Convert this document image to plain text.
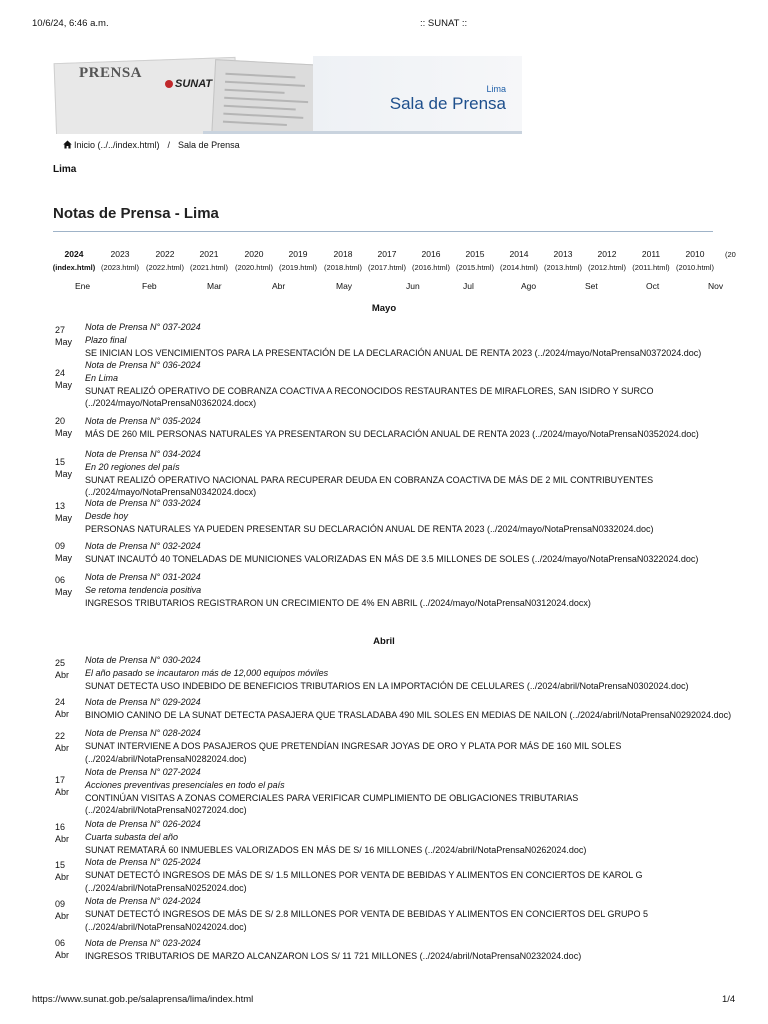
10/6/24, 6:46 a.m.	:: SUNAT ::
PRENSA
SUNAT	Lima
Sala de Prensa
Inicio (../../index.html) / Sala de Prensa
Lima
Notas de Prensa - Lima
2024
(index.html)
2023
(2023.html)
2022
(2022.html)
2021
(2021.html)
2020
(2020.html)
2019
(2019.html)
2018
(2018.html)
2017
(2017.html)
2016
(2016.html)
2015
(2015.html)
2014
(2014.html)
2013
(2013.html)
2012
(2012.html)
2011
(2011.html)
2010
(2010.html)
(20
Ene	Feb	Mar	Abr	May	Jun	Jul	Ago	Set	Oct	Nov
Mayo
27
May
Nota de Prensa N° 037-2024
Plazo final
SE INICIAN LOS VENCIMIENTOS PARA LA PRESENTACIÓN DE LA DECLARACIÓN ANUAL DE RENTA 2023 (../2024/mayo/NotaPrensaN0372024.doc)
24
May
Nota de Prensa N° 036-2024
En Lima
SUNAT REALIZÓ OPERATIVO DE COBRANZA COACTIVA A RECONOCIDOS RESTAURANTES DE MIRAFLORES, SAN ISIDRO Y SURCO
(../2024/mayo/NotaPrensaN0362024.docx)
20
May
Nota de Prensa N° 035-2024
MÁS DE 260 MIL PERSONAS NATURALES YA PRESENTARON SU DECLARACIÓN ANUAL DE RENTA 2023 (../2024/mayo/NotaPrensaN0352024.doc)
15
May
Nota de Prensa N° 034-2024
En 20 regiones del país
SUNAT REALIZÓ OPERATIVO NACIONAL PARA RECUPERAR DEUDA EN COBRANZA COACTIVA DE MÁS DE 2 MIL CONTRIBUYENTES
(../2024/mayo/NotaPrensaN0342024.docx)
13
May
Nota de Prensa N° 033-2024
Desde hoy
PERSONAS NATURALES YA PUEDEN PRESENTAR SU DECLARACIÓN ANUAL DE RENTA 2023 (../2024/mayo/NotaPrensaN0332024.doc)
09
May
Nota de Prensa N° 032-2024
SUNAT INCAUTÓ 40 TONELADAS DE MUNICIONES VALORIZADAS EN MÁS DE 3.5 MILLONES DE SOLES (../2024/mayo/NotaPrensaN0322024.doc)
06
May
Nota de Prensa N° 031-2024
Se retoma tendencia positiva
INGRESOS TRIBUTARIOS REGISTRARON UN CRECIMIENTO DE 4% EN ABRIL (../2024/mayo/NotaPrensaN0312024.docx)
Abril
25
Abr
Nota de Prensa N° 030-2024
El año pasado se incautaron más de 12,000 equipos móviles
SUNAT DETECTA USO INDEBIDO DE BENEFICIOS TRIBUTARIOS EN LA IMPORTACIÓN DE CELULARES (../2024/abril/NotaPrensaN0302024.doc)
24
Abr
Nota de Prensa N° 029-2024
BINOMIO CANINO DE LA SUNAT DETECTA PASAJERA QUE TRASLADABA 490 MIL SOLES EN MEDIAS DE NAILON (../2024/abril/NotaPrensaN0292024.doc)
22
Abr
Nota de Prensa N° 028-2024
SUNAT INTERVIENE A DOS PASAJEROS QUE PRETENDÍAN INGRESAR JOYAS DE ORO Y PLATA POR MÁS DE 160 MIL SOLES
(../2024/abril/NotaPrensaN0282024.doc)
17
Abr
Nota de Prensa N° 027-2024
Acciones preventivas presenciales en todo el país
CONTINÚAN VISITAS A ZONAS COMERCIALES PARA VERIFICAR CUMPLIMIENTO DE OBLIGACIONES TRIBUTARIAS
(../2024/abril/NotaPrensaN0272024.doc)
16
Abr
Nota de Prensa N° 026-2024
Cuarta subasta del año
SUNAT REMATARÁ 60 INMUEBLES VALORIZADOS EN MÁS DE S/ 16 MILLONES (../2024/abril/NotaPrensaN0262024.doc)
15
Abr
Nota de Prensa N° 025-2024
SUNAT DETECTÓ INGRESOS DE MÁS DE S/ 1.5 MILLONES POR VENTA DE BEBIDAS Y ALIMENTOS EN CONCIERTOS DE KAROL G
(../2024/abril/NotaPrensaN0252024.doc)
09
Abr
Nota de Prensa N° 024-2024
SUNAT DETECTÓ INGRESOS DE MÁS DE S/ 2.8 MILLONES POR VENTA DE BEBIDAS Y ALIMENTOS EN CONCIERTOS DEL GRUPO 5
(../2024/abril/NotaPrensaN0242024.doc)
06
Abr
Nota de Prensa N° 023-2024
INGRESOS TRIBUTARIOS DE MARZO ALCANZARON LOS S/ 11 721 MILLONES (../2024/abril/NotaPrensaN0232024.doc)
https://www.sunat.gob.pe/salaprensa/lima/index.html	1/4
